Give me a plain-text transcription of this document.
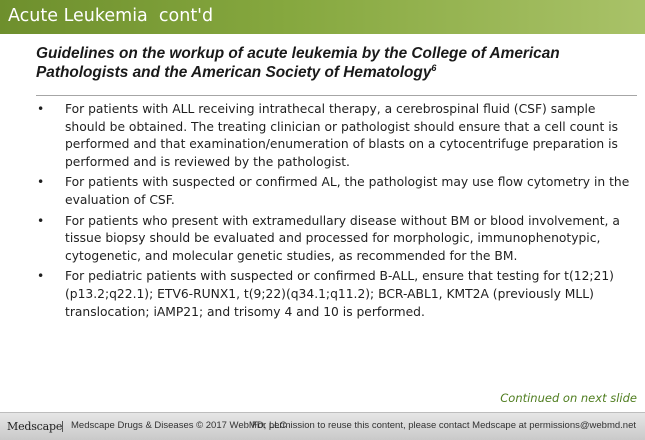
Acute Leukemia  cont'd
Guidelines on the workup of acute leukemia by the College of American Pathologists and the American Society of Hematology$^6$
• For patients with ALL receiving intrathecal therapy, a cerebrospinal fluid (CSF) sample should be obtained. The treating clinician or pathologist should ensure that a cell count is performed and that examination/enumeration of blasts on a cytocentrifuge preparation is performed and is reviewed by the pathologist.
• For patients with suspected or confirmed AL, the pathologist may use flow cytometry in the evaluation of CSF.
• For patients who present with extramedullary disease without BM or blood involvement, a tissue biopsy should be evaluated and processed for morphologic, immunophenotypic, cytogenetic, and molecular genetic studies, as recommended for the BM.
• For pediatric patients with suspected or confirmed B-ALL, ensure that testing for t(12;21)(p13.2;q22.1); ETV6-RUNX1, t(9;22)(q34.1;q11.2); BCR-ABL1, KMT2A (previously MLL) translocation; iAMP21; and trisomy 4 and 10 is performed.
Continued on next slide
Medscape Medscape Drugs & Diseases © 2017 WebMD, LLC
For permission to reuse this content, please contact Medscape at permissions@webmd.net
